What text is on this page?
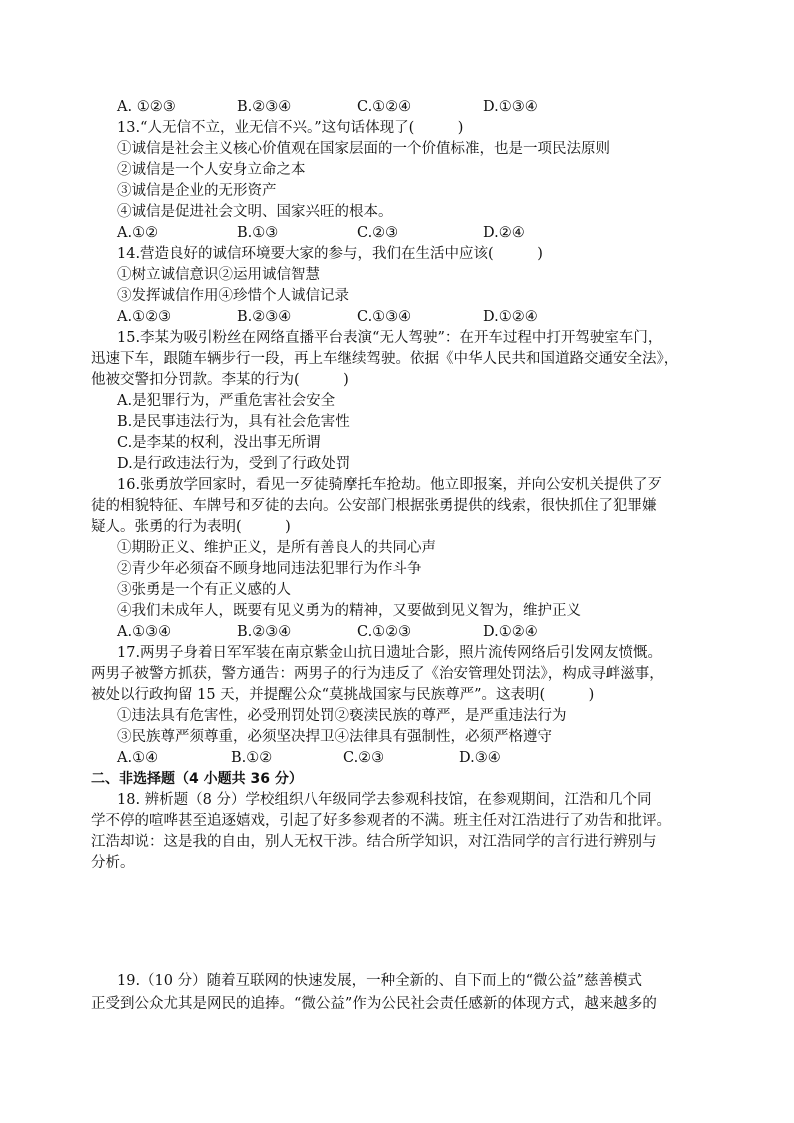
A. ①②③	B.②③④	C.①②④	D.①③④
13.“人无信不立，业无信不兴。”这句话体现了(　　　)
①诚信是社会主义核心价值观在国家层面的一个价值标准，也是一项民法原则
②诚信是一个人安身立命之本
③诚信是企业的无形资产
④诚信是促进社会文明、国家兴旺的根本。
A.①②	B.①③	C.②③	D.②④
14.营造良好的诚信环境要大家的参与，我们在生活中应该(　　　)
①树立诚信意识②运用诚信智慧
③发挥诚信作用④珍惜个人诚信记录
A.①②③	B.②③④	C.①③④	D.①②④
15.李某为吸引粉丝在网络直播平台表演“无人驾驶”：在开车过程中打开驾驶室车门，
迅速下车，跟随车辆步行一段，再上车继续驾驶。依据《中华人民共和国道路交通安全法》，
他被交警扣分罚款。李某的行为(　　　)
A.是犯罪行为，严重危害社会安全
B.是民事违法行为，具有社会危害性
C.是李某的权利，没出事无所谓
D.是行政违法行为，受到了行政处罚
16.张勇放学回家时，看见一歹徒骑摩托车抢劫。他立即报案，并向公安机关提供了歹
徒的相貌特征、车牌号和歹徒的去向。公安部门根据张勇提供的线索，很快抓住了犯罪嫌
疑人。张勇的行为表明(　　　)
①期盼正义、维护正义，是所有善良人的共同心声
②青少年必须奋不顾身地同违法犯罪行为作斗争
③张勇是一个有正义感的人
④我们未成年人，既要有见义勇为的精神，又要做到见义智为，维护正义
A.①③④	B.②③④	C.①②③	D.①②④
17.两男子身着日军军装在南京紫金山抗日遗址合影，照片流传网络后引发网友愤慨。
两男子被警方抓获，警方通告：两男子的行为违反了《治安管理处罚法》，构成寻衅滋事，
被处以行政拘留 15 天，并提醒公众“莫挑战国家与民族尊严”。这表明(　　　)
①违法具有危害性，必受刑罚处罚②亵渎民族的尊严，是严重违法行为
③民族尊严须尊重，必须坚决捍卫④法律具有强制性，必须严格遵守
A.①④	B.①②	C.②③	D.③④
二、非选择题（4 小题共 36 分）
18. 辨析题（8 分）学校组织八年级同学去参观科技馆，在参观期间，江浩和几个同
学不停的喧哗甚至追逐嬉戏，引起了好多参观者的不满。班主任对江浩进行了劝告和批评。
江浩却说：这是我的自由，别人无权干涉。结合所学知识，对江浩同学的言行进行辨别与
分析。
19.（10 分）随着互联网的快速发展，一种全新的、自下而上的“微公益”慈善模式
正受到公众尤其是网民的追捧。“微公益”作为公民社会责任感新的体现方式，越来越多的
